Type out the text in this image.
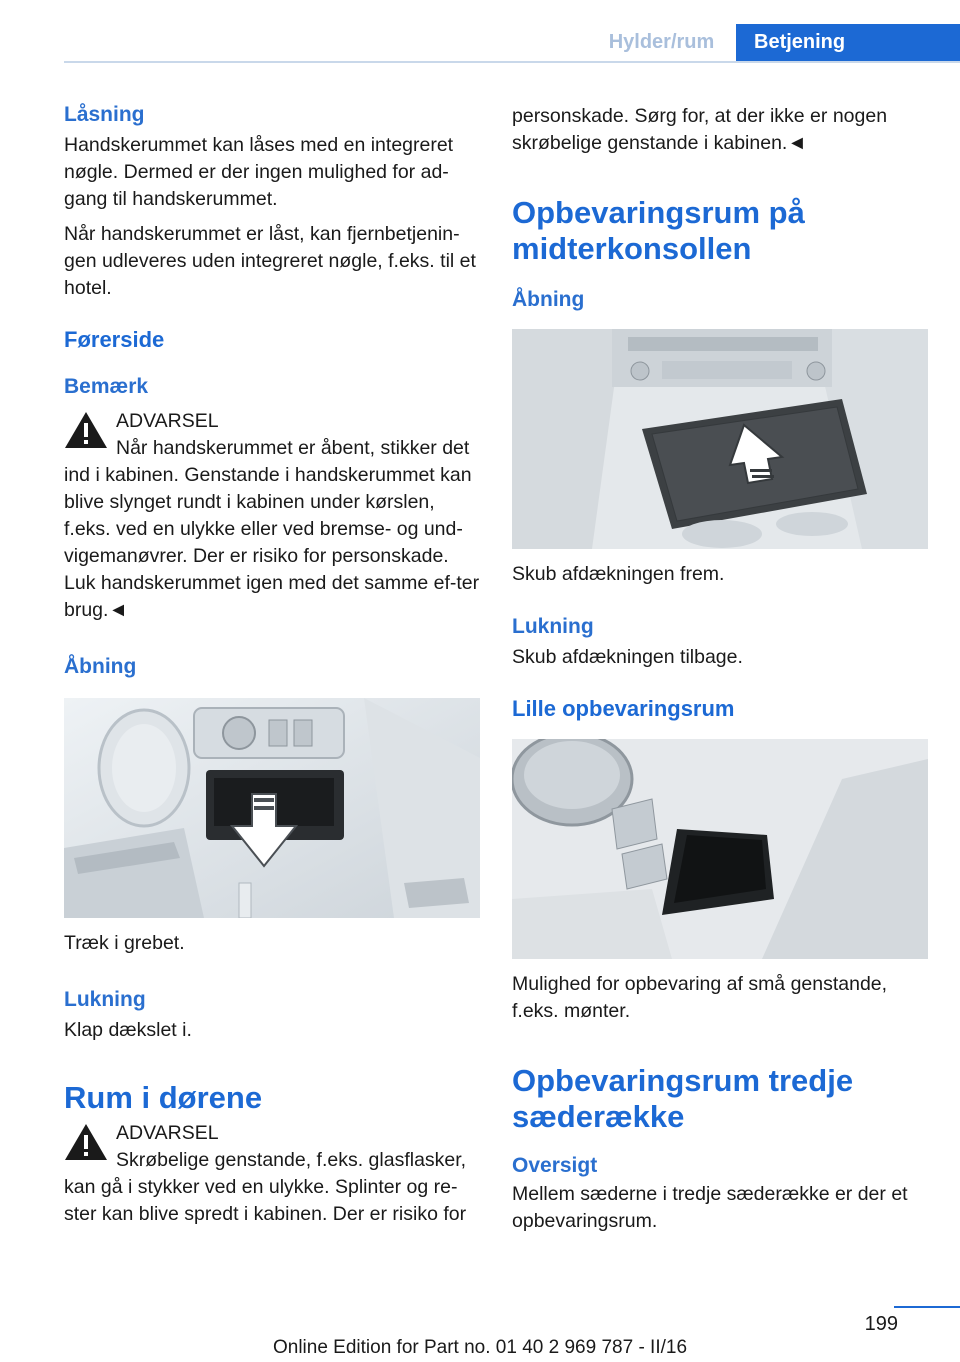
Hylder/rum	Betjening
Låsning

Handskerummet kan låses med en integreret nøgle. Dermed er der ingen mulighed for ad-gang til handskerummet.

Når handskerummet er låst, kan fjernbetjenin-gen udleveres uden integreret nøgle, f.eks. til et hotel.

Førerside
Bemærk
ADVARSEL

Når handskerummet er åbent, stikker det ind i kabinen. Genstande i handskerummet kan blive slynget rundt i kabinen under kørslen, f.eks. ved en ulykke eller ved bremse- og und-vigemanøvrer. Der er risiko for personskade. Luk handskerummet igen med det samme ef-ter brug.◄

Åbning

Træk i grebet.

Lukning

Klap dækslet i.

Rum i dørene
ADVARSEL

Skrøbelige genstande, f.eks. glasflasker, kan gå i stykker ved en ulykke. Splinter og re-ster kan blive spredt i kabinen. Der er risiko for

personskade. Sørg for, at der ikke er nogen skrøbelige genstande i kabinen.◄

Opbevaringsrum på midterkonsollen
Åbning

Skub afdækningen frem.

Lukning

Skub afdækningen tilbage.

Lille opbevaringsrum

Mulighed for opbevaring af små genstande, f.eks. mønter.

Opbevaringsrum tredje sæderække
Oversigt

Mellem sæderne i tredje sæderække er der et opbevaringsrum.

199
Online Edition for Part no. 01 40 2 969 787 - II/16
